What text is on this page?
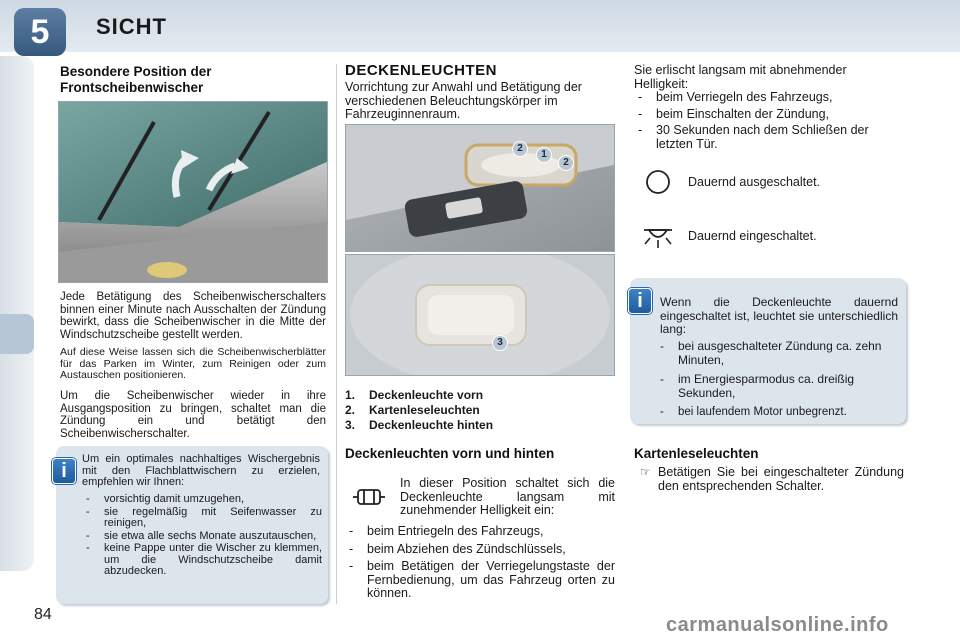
5	SICHT
Besondere Position der Frontscheibenwischer
Jede Betätigung des Scheibenwischerschalters binnen einer Minute nach Ausschalten der Zündung bewirkt, dass die Scheibenwischer in die Mitte der Windschutzscheibe gestellt werden.
Auf diese Weise lassen sich die Scheibenwischerblätter für das Parken im Winter, zum Reinigen oder zum Austauschen positionieren.
Um die Scheibenwischer wieder in ihre Ausgangsposition zu bringen, schaltet man die Zündung ein und betätigt den Scheibenwischerschalter.
i
Um ein optimales nachhaltiges Wischergebnis mit den Flachblattwischern zu erzielen, empfehlen wir Ihnen:
- vorsichtig damit umzugehen,
- sie regelmäßig mit Seifenwasser zu reinigen,
- sie etwa alle sechs Monate auszutauschen,
- keine Pappe unter die Wischer zu klemmen, um die Windschutzscheibe damit abzudecken.
84
DECKENLEUCHTEN
Vorrichtung zur Anwahl und Betätigung der verschiedenen Beleuchtungskörper im Fahrzeuginnenraum.
2
1
2
3
1. Deckenleuchte vorn
2. Kartenleseleuchten
3. Deckenleuchte hinten
Deckenleuchten vorn und hinten
In dieser Position schaltet sich die Deckenleuchte langsam mit zunehmender Helligkeit ein:
- beim Entriegeln des Fahrzeugs,
- beim Abziehen des Zündschlüssels,
- beim Betätigen der Verriegelungstaste der Fernbedienung, um das Fahrzeug orten zu können.
Sie erlischt langsam mit abnehmender Helligkeit:
- beim Verriegeln des Fahrzeugs,
- beim Einschalten der Zündung,
- 30 Sekunden nach dem Schließen der letzten Tür.
Dauernd ausgeschaltet.
Dauernd eingeschaltet.
i	Wenn die Deckenleuchte dauernd eingeschaltet ist, leuchtet sie unterschiedlich lang:
- bei ausgeschalteter Zündung ca. zehn Minuten,
- im Energiesparmodus ca. dreißig Sekunden,
- bei laufendem Motor unbegrenzt.
Kartenleseleuchten
☞ Betätigen Sie bei eingeschalteter Zündung den entsprechenden Schalter.
carmanualsonline.info
